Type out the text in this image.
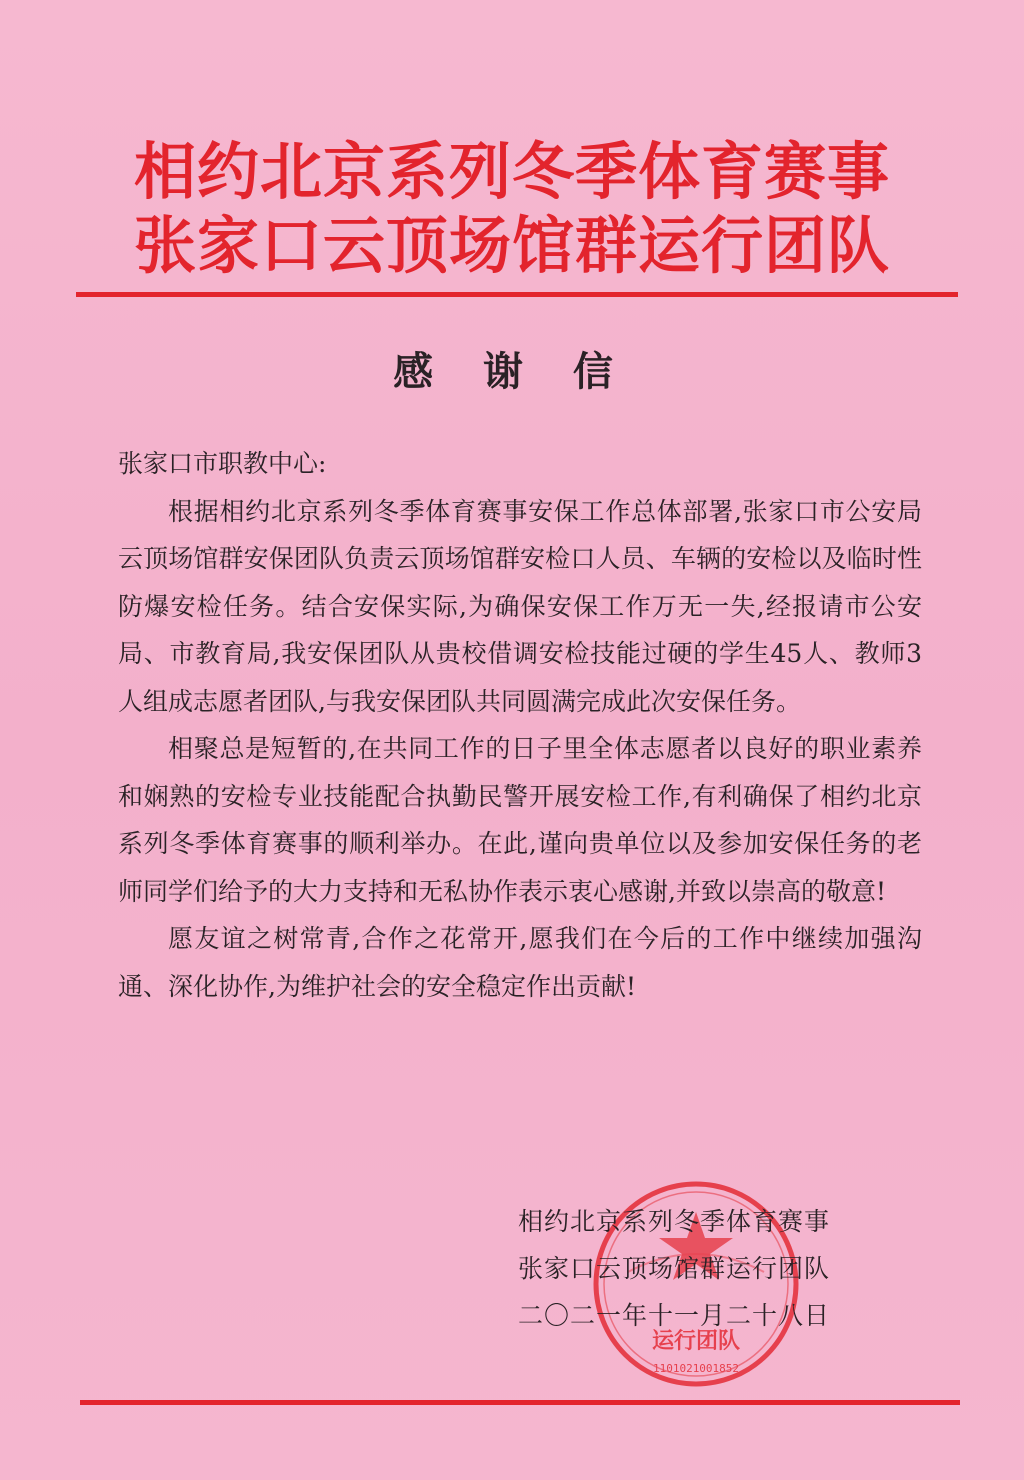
相约北京系列冬季体育赛事
张家口云顶场馆群运行团队
感 谢 信

张家口市职教中心:

根据相约北京系列冬季体育赛事安保工作总体部署,张家口市公安局云顶场馆群安保团队负责云顶场馆群安检口人员、车辆的安检以及临时性防爆安检任务。结合安保实际,为确保安保工作万无一失,经报请市公安局、市教育局,我安保团队从贵校借调安检技能过硬的学生45人、教师3人组成志愿者团队,与我安保团队共同圆满完成此次安保任务。

相聚总是短暂的,在共同工作的日子里全体志愿者以良好的职业素养和娴熟的安检专业技能配合执勤民警开展安检工作,有利确保了相约北京系列冬季体育赛事的顺利举办。在此,谨向贵单位以及参加安保任务的老师同学们给予的大力支持和无私协作表示衷心感谢,并致以崇高的敬意!

愿友谊之树常青,合作之花常开,愿我们在今后的工作中继续加强沟通、深化协作,为维护社会的安全稳定作出贡献!

运行团队
1101021001852
相约北京系列冬季体育赛事
张家口云顶场馆群运行团队
二〇二一年十一月二十八日
